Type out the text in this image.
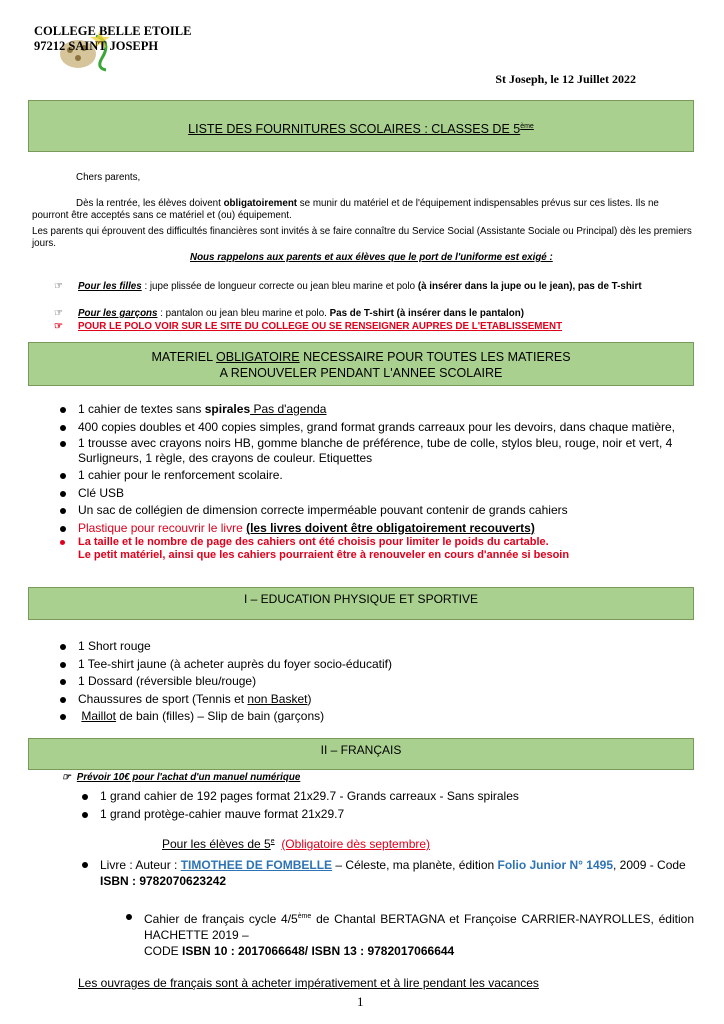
COLLEGE BELLE ETOILE
97212 SAINT JOSEPH
St Joseph, le 12 Juillet 2022
LISTE DES FOURNITURES SCOLAIRES : CLASSES DE 5ème
Chers parents,
Dès la rentrée, les élèves doivent obligatoirement se munir du matériel et de l'équipement indispensables prévus sur ces listes. Ils ne pourront être acceptés sans ce matériel et (ou) équipement.
Les parents qui éprouvent des difficultés financières sont invités à se faire connaître du Service Social (Assistante Sociale ou Principal) dès les premiers jours.
Nous rappelons aux parents et aux élèves que le port de l'uniforme est exigé :
☞	Pour les filles : jupe plissée de longueur correcte ou jean bleu marine et polo (à insérer dans la jupe ou le jean), pas de T-shirt
☞	Pour les garçons : pantalon ou jean bleu marine et polo. Pas de T-shirt (à insérer dans le pantalon)
☞	POUR LE POLO VOIR SUR LE SITE DU COLLEGE OU SE RENSEIGNER AUPRES DE L'ETABLISSEMENT
MATERIEL OBLIGATOIRE NECESSAIRE POUR TOUTES LES MATIERES
A RENOUVELER PENDANT L'ANNEE SCOLAIRE
1 cahier de textes sans spirales Pas d'agenda
400 copies doubles et 400 copies simples, grand format grands carreaux pour les devoirs, dans chaque matière,
1 trousse avec crayons noirs HB, gomme blanche de préférence, tube de colle, stylos bleu, rouge, noir et vert, 4 Surligneurs, 1 règle, des crayons de couleur. Etiquettes
1 cahier pour le renforcement scolaire.
Clé USB
Un sac de collégien de dimension correcte imperméable pouvant contenir de grands cahiers
Plastique pour recouvrir le livre (les livres doivent être obligatoirement recouverts)
La taille et le nombre de page des cahiers ont été choisis pour limiter le poids du cartable.
Le petit matériel, ainsi que les cahiers pourraient être à renouveler en cours d'année si besoin
I – EDUCATION PHYSIQUE ET SPORTIVE
1 Short rouge
1 Tee-shirt jaune (à acheter auprès du foyer socio-éducatif)
1 Dossard (réversible bleu/rouge)
Chaussures de sport (Tennis et non Basket)
Maillot de bain (filles) – Slip de bain (garçons)
II – FRANÇAIS
☞ Prévoir 10€ pour l'achat d'un manuel numérique
1 grand cahier de 192 pages format 21x29.7 - Grands carreaux - Sans spirales
1 grand protège-cahier mauve format 21x29.7
Pour les élèves de 5e (Obligatoire dès septembre)
Livre : Auteur : TIMOTHEE DE FOMBELLE – Céleste, ma planète, édition Folio Junior N° 1495, 2009 - Code ISBN : 9782070623242
Cahier de français cycle 4/5ème de Chantal BERTAGNA et Françoise CARRIER-NAYROLLES, édition HACHETTE 2019 –
CODE ISBN 10 : 2017066648/ ISBN 13 : 9782017066644
Les ouvrages de français sont à acheter impérativement et à lire pendant les vacances
1
